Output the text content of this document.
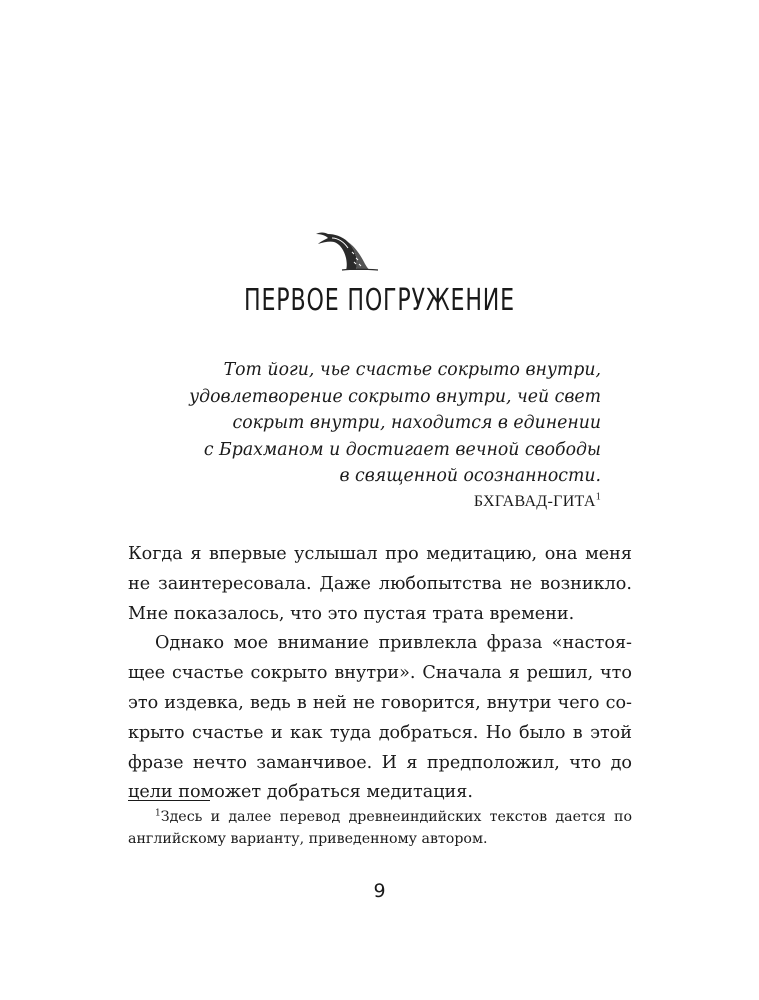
ПЕРВОЕ ПОГРУЖЕНИЕ
Тот йоги, чье счастье сокрыто внутри,
удовлетворение сокрыто внутри, чей свет
сокрыт внутри, находится в единении
с Брахманом и достигает вечной свободы
в священной осознанности.
БХГАВАД-ГИТА$^1$
Когда я впервые услышал про медитацию, она меня
не заинтересовала. Даже любопытства не возникло.
Мне показалось, что это пустая трата времени.
Однако мое внимание привлекла фраза «настоя-
щее счастье сокрыто внутри». Сначала я решил, что
это издевка, ведь в ней не говорится, внутри чего со-
крыто счастье и как туда добраться. Но было в этой
фразе нечто заманчивое. И я предположил, что до
цели поможет добраться медитация.
$^1$Здесь и далее перевод древнеиндийских текстов дается по
английскому варианту, приведенному автором.
9
